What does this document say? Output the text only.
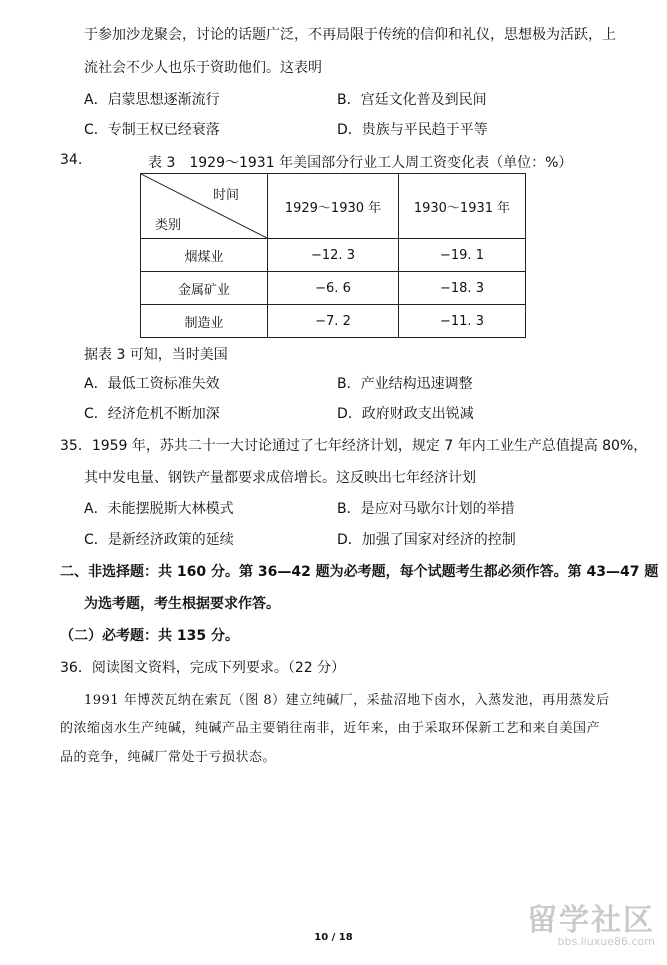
于参加沙龙聚会，讨论的话题广泛，不再局限于传统的信仰和礼仪，思想极为活跃，上
流社会不少人也乐于资助他们。这表明
A．启蒙思想逐渐流行	B．宫廷文化普及到民间
C．专制王权已经衰落	D．贵族与平民趋于平等
34.	表 3　1929～1931 年美国部分行业工人周工资变化表（单位：%）
时间
类别	1929～1930 年	1930～1931 年
烟煤业	−12. 3	−19. 1
金属矿业	−6. 6	−18. 3
制造业	−7. 2	−11. 3
据表 3 可知，当时美国
A．最低工资标准失效	B．产业结构迅速调整
C．经济危机不断加深	D．政府财政支出锐减
35．1959 年，苏共二十一大讨论通过了七年经济计划，规定 7 年内工业生产总值提高 80%，
其中发电量、钢铁产量都要求成倍增长。这反映出七年经济计划
A．未能摆脱斯大林模式	B．是应对马歇尔计划的举措
C．是新经济政策的延续	D．加强了国家对经济的控制
二、非选择题：共 160 分。第 36—42 题为必考题，每个试题考生都必须作答。第 43—47 题
为选考题，考生根据要求作答。
（二）必考题：共 135 分。
36．阅读图文资料，完成下列要求。（22 分）
1991 年博茨瓦纳在索瓦（图 8）建立纯碱厂，采盐沼地下卤水，入蒸发池，再用蒸发后
的浓缩卤水生产纯碱，纯碱产品主要销往南非，近年来，由于采取环保新工艺和来自美国产
品的竞争，纯碱厂常处于亏损状态。
留学社区
bbs.liuxue86.com
10 / 18
